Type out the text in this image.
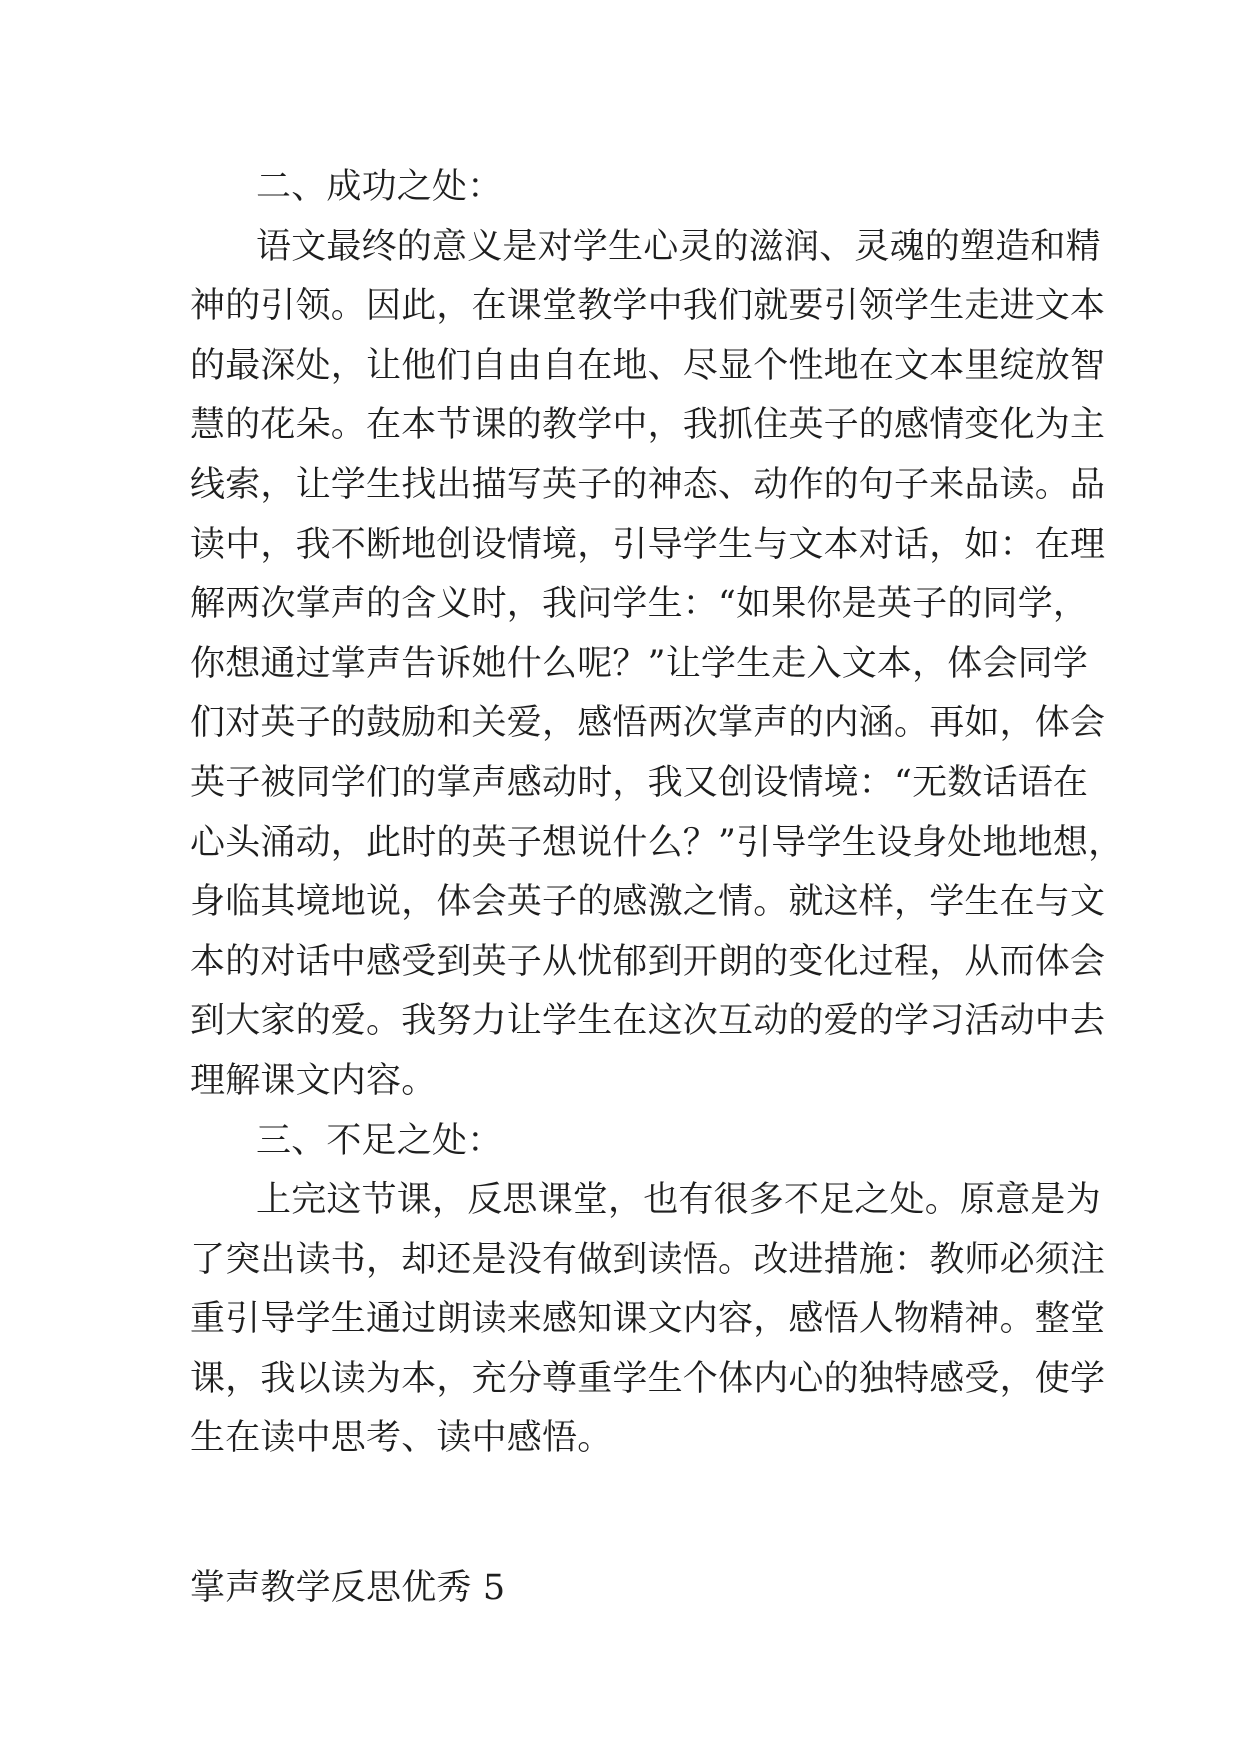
二、成功之处：
语文最终的意义是对学生心灵的滋润、灵魂的塑造和精
神的引领。因此，在课堂教学中我们就要引领学生走进文本
的最深处，让他们自由自在地、尽显个性地在文本里绽放智
慧的花朵。在本节课的教学中，我抓住英子的感情变化为主
线索，让学生找出描写英子的神态、动作的句子来品读。品
读中，我不断地创设情境，引导学生与文本对话，如：在理
解两次掌声的含义时，我问学生：“如果你是英子的同学，
你想通过掌声告诉她什么呢？”让学生走入文本，体会同学
们对英子的鼓励和关爱，感悟两次掌声的内涵。再如，体会
英子被同学们的掌声感动时，我又创设情境：“无数话语在
心头涌动，此时的英子想说什么？”引导学生设身处地地想，
身临其境地说，体会英子的感激之情。就这样，学生在与文
本的对话中感受到英子从忧郁到开朗的变化过程，从而体会
到大家的爱。我努力让学生在这次互动的爱的学习活动中去
理解课文内容。
三、不足之处：
上完这节课，反思课堂，也有很多不足之处。原意是为
了突出读书，却还是没有做到读悟。改进措施：教师必须注
重引导学生通过朗读来感知课文内容，感悟人物精神。整堂
课，我以读为本，充分尊重学生个体内心的独特感受，使学
生在读中思考、读中感悟。
掌声教学反思优秀 5
